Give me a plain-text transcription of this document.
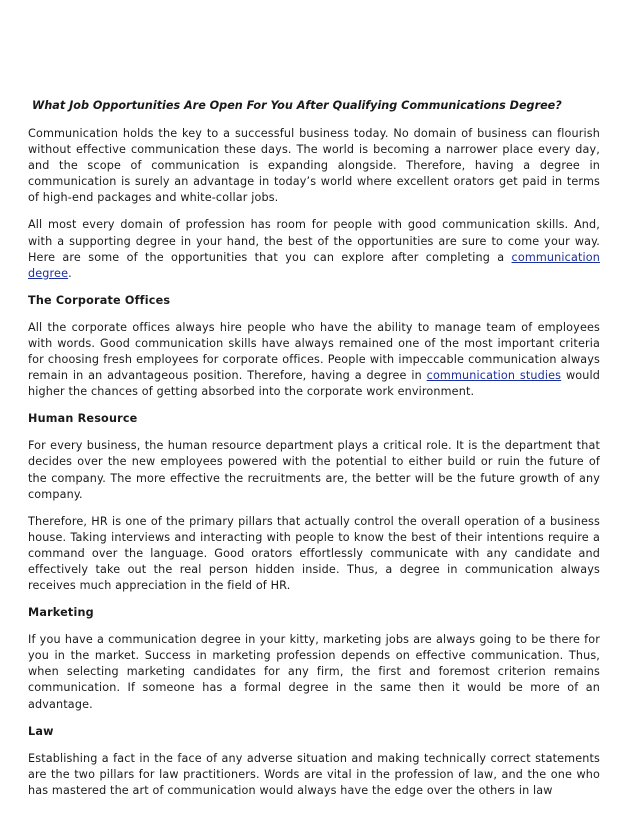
What Job Opportunities Are Open For You After Qualifying Communications Degree?

Communication holds the key to a successful business today. No domain of business can flourish without effective communication these days. The world is becoming a narrower place every day, and the scope of communication is expanding alongside. Therefore, having a degree in communication is surely an advantage in today’s world where excellent orators get paid in terms of high-end packages and white-collar jobs.

All most every domain of profession has room for people with good communication skills. And, with a supporting degree in your hand, the best of the opportunities are sure to come your way. Here are some of the opportunities that you can explore after completing a communication degree.

The Corporate Offices

All the corporate offices always hire people who have the ability to manage team of employees with words. Good communication skills have always remained one of the most important criteria for choosing fresh employees for corporate offices. People with impeccable communication always remain in an advantageous position. Therefore, having a degree in communication studies would higher the chances of getting absorbed into the corporate work environment.

Human Resource

For every business, the human resource department plays a critical role. It is the department that decides over the new employees powered with the potential to either build or ruin the future of the company. The more effective the recruitments are, the better will be the future growth of any company.

Therefore, HR is one of the primary pillars that actually control the overall operation of a business house. Taking interviews and interacting with people to know the best of their intentions require a command over the language. Good orators effortlessly communicate with any candidate and effectively take out the real person hidden inside. Thus, a degree in communication always receives much appreciation in the field of HR.

Marketing

If you have a communication degree in your kitty, marketing jobs are always going to be there for you in the market. Success in marketing profession depends on effective communication. Thus, when selecting marketing candidates for any firm, the first and foremost criterion remains communication. If someone has a formal degree in the same then it would be more of an advantage.

Law

Establishing a fact in the face of any adverse situation and making technically correct statements are the two pillars for law practitioners. Words are vital in the profession of law, and the one who has mastered the art of communication would always have the edge over the others in law
